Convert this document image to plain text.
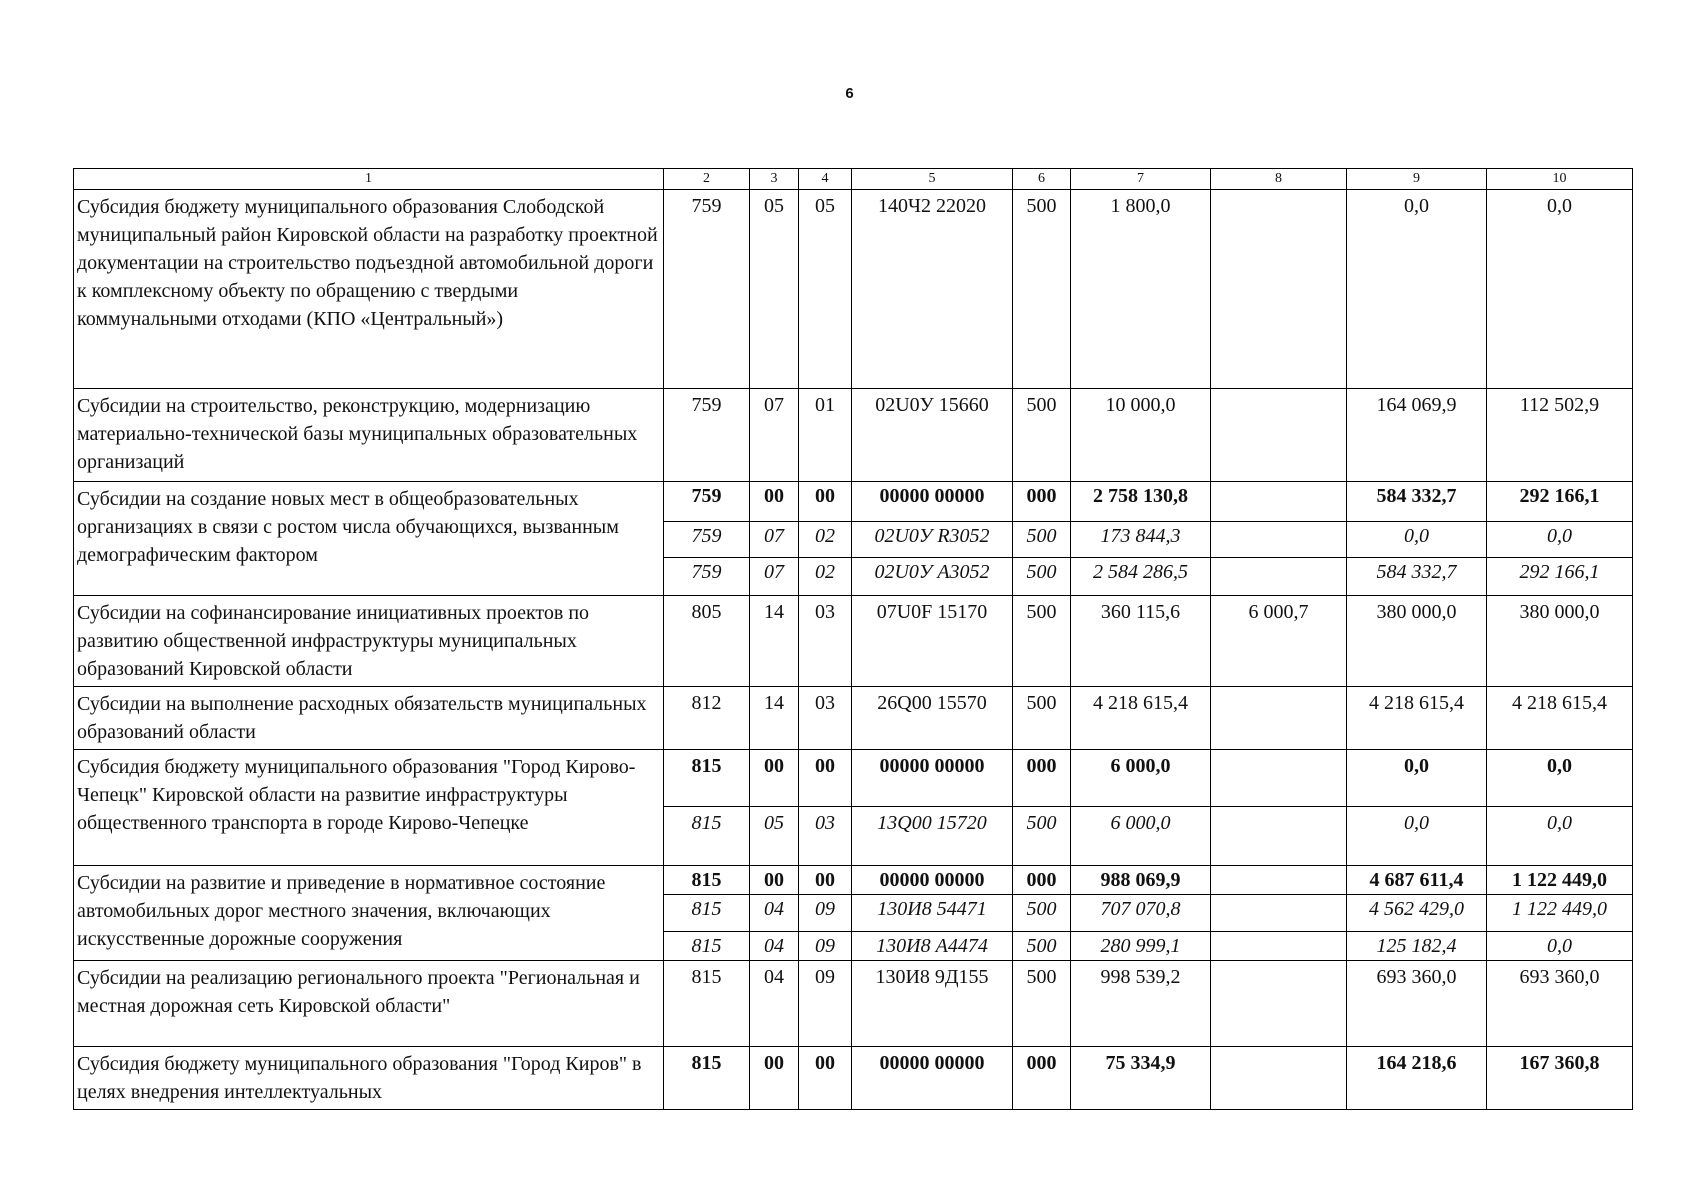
6
1	2	3	4	5	6	7	8	9	10
Субсидия бюджету муниципального образования Слободской муниципальный район Кировской области на разработку проектной документации на строительство подъездной автомобильной дороги к комплексному объекту по обращению с твердыми коммунальными отходами (КПО «Центральный»)	759	05	05	140Ч2 22020	500	1 800,0		0,0	0,0
Субсидии на строительство, реконструкцию, модернизацию материально-технической базы муниципальных образовательных организаций	759	07	01	02U0У 15660	500	10 000,0		164 069,9	112 502,9
Субсидии на создание новых мест в общеобразовательных организациях в связи с ростом числа обучающихся, вызванным демографическим фактором	759	00	00	00000 00000	000	2 758 130,8		584 332,7	292 166,1
	759	07	02	02U0У R3052	500	173 844,3		0,0	0,0
	759	07	02	02U0У А3052	500	2 584 286,5		584 332,7	292 166,1
Субсидии на софинансирование инициативных проектов по развитию общественной инфраструктуры муниципальных образований Кировской области	805	14	03	07U0F 15170	500	360 115,6	6 000,7	380 000,0	380 000,0
Субсидии на выполнение расходных обязательств муниципальных образований области	812	14	03	26Q00 15570	500	4 218 615,4		4 218 615,4	4 218 615,4
Субсидия бюджету муниципального образования "Город Кирово-Чепецк" Кировской области на развитие инфраструктуры общественного транспорта в городе Кирово-Чепецке	815	00	00	00000 00000	000	6 000,0		0,0	0,0
	815	05	03	13Q00 15720	500	6 000,0		0,0	0,0
Субсидии на развитие и приведение в нормативное состояние автомобильных дорог местного значения, включающих искусственные дорожные сооружения	815	00	00	00000 00000	000	988 069,9		4 687 611,4	1 122 449,0
	815	04	09	130И8 54471	500	707 070,8		4 562 429,0	1 122 449,0
	815	04	09	130И8 А4474	500	280 999,1		125 182,4	0,0
Субсидии на реализацию регионального проекта "Региональная и местная дорожная сеть Кировской области"	815	04	09	130И8 9Д155	500	998 539,2		693 360,0	693 360,0
Субсидия бюджету муниципального образования "Город Киров" в целях внедрения интеллектуальных	815	00	00	00000 00000	000	75 334,9		164 218,6	167 360,8
